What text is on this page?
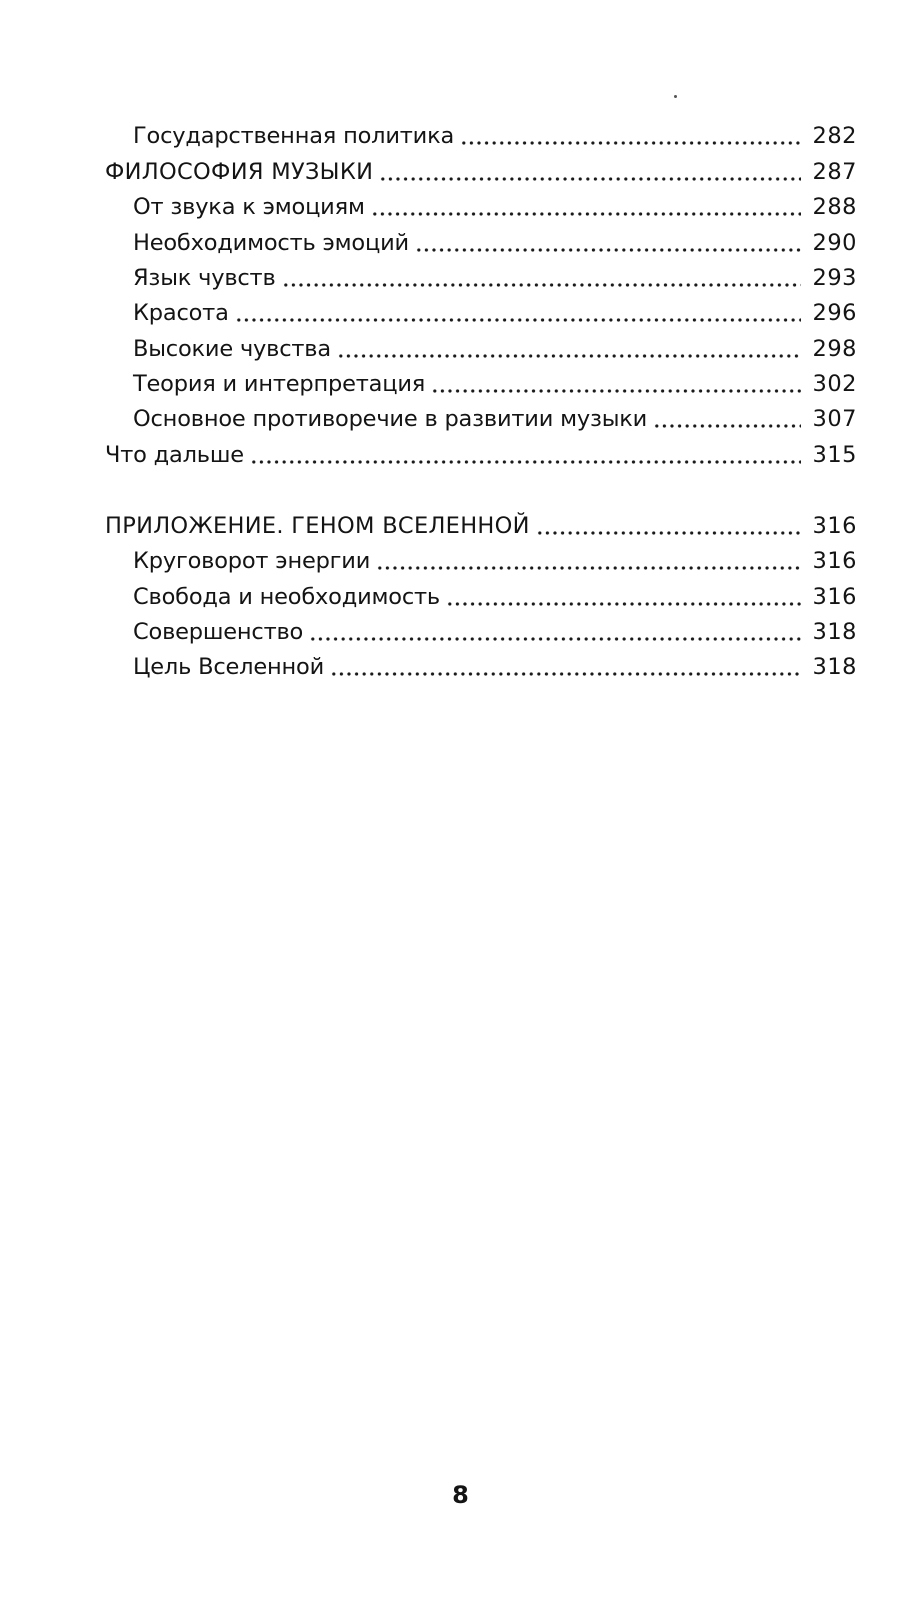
Государственная политика	282
ФИЛОСОФИЯ МУЗЫКИ	287
От звука к эмоциям	288
Необходимость эмоций	290
Язык чувств	293
Красота	296
Высокие чувства	298
Теория и интерпретация	302
Основное противоречие в развитии музыки	307
Что дальше	315
ПРИЛОЖЕНИЕ. ГЕНОМ ВСЕЛЕННОЙ	316
Круговорот энергии	316
Свобода и необходимость	316
Совершенство	318
Цель Вселенной	318
8
